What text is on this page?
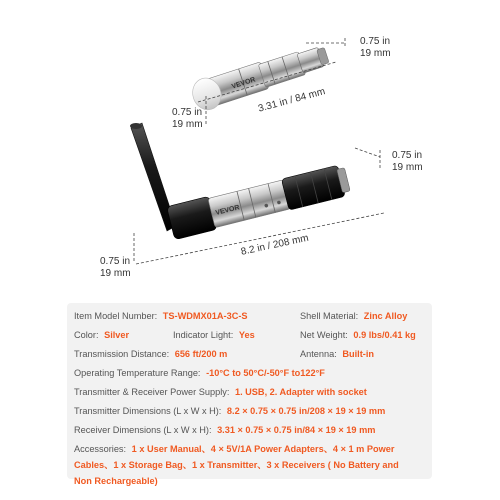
VEVOR
VEVOR
0.75 in
19 mm
3.31 in / 84 mm
0.75 in
19 mm
0.75 in
19 mm
8.2 in / 208 mm
0.75 in
19 mm
Item Model Number: TS-WDMX01A-3C-S	Shell Material: Zinc Alloy
Color: Silver	Indicator Light: Yes	Net Weight: 0.9 lbs/0.41 kg
Transmission Distance: 656 ft/200 m	Antenna: Built-in
Operating Temperature Range: -10°C to 50°C/-50°F to122°F
Transmitter & Receiver Power Supply: 1. USB, 2. Adapter with socket
Transmitter Dimensions (L x W x H): 8.2 × 0.75 × 0.75 in/208 × 19 × 19 mm
Receiver Dimensions (L x W x H): 3.31 × 0.75 × 0.75 in/84 × 19 × 19 mm
Accessories: 1 x User Manual、4 × 5V/1A Power Adapters、4 × 1 m Power
Cables、1 x Storage Bag、1 x Transmitter、3 x Receivers ( No Battery and
Non Rechargeable)
